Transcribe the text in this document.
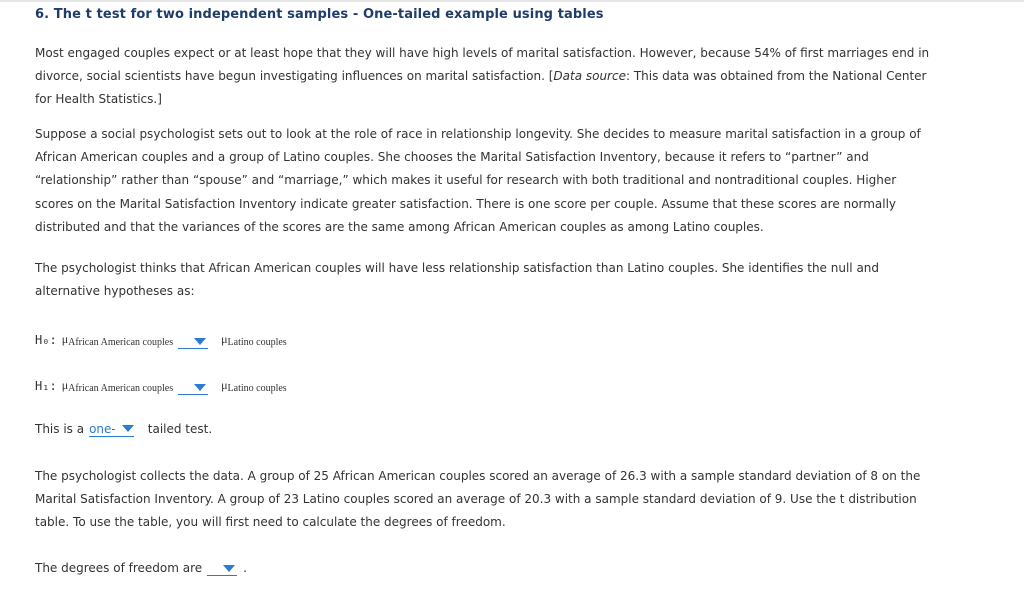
6. The t test for two independent samples - One-tailed example using tables

Most engaged couples expect or at least hope that they will have high levels of marital satisfaction. However, because 54% of first marriages end in divorce, social scientists have begun investigating influences on marital satisfaction. [Data source: This data was obtained from the National Center for Health Statistics.]

Suppose a social psychologist sets out to look at the role of race in relationship longevity. She decides to measure marital satisfaction in a group of African American couples and a group of Latino couples. She chooses the Marital Satisfaction Inventory, because it refers to “partner” and “relationship” rather than “spouse” and “marriage,” which makes it useful for research with both traditional and nontraditional couples. Higher scores on the Marital Satisfaction Inventory indicate greater satisfaction. There is one score per couple. Assume that these scores are normally distributed and that the variances of the scores are the same among African American couples as among Latino couples.

The psychologist thinks that African American couples will have less relationship satisfaction than Latino couples. She identifies the null and alternative hypotheses as:

H₀: $\mu_{African American couples}$	$\mu_{Latino couples}$
H₁: $\mu_{African American couples}$	$\mu_{Latino couples}$
This is a one-	tailed test.

The psychologist collects the data. A group of 25 African American couples scored an average of 26.3 with a sample standard deviation of 8 on the Marital Satisfaction Inventory. A group of 23 Latino couples scored an average of 20.3 with a sample standard deviation of 9. Use the t distribution table. To use the table, you will first need to calculate the degrees of freedom.

The degrees of freedom are	.
